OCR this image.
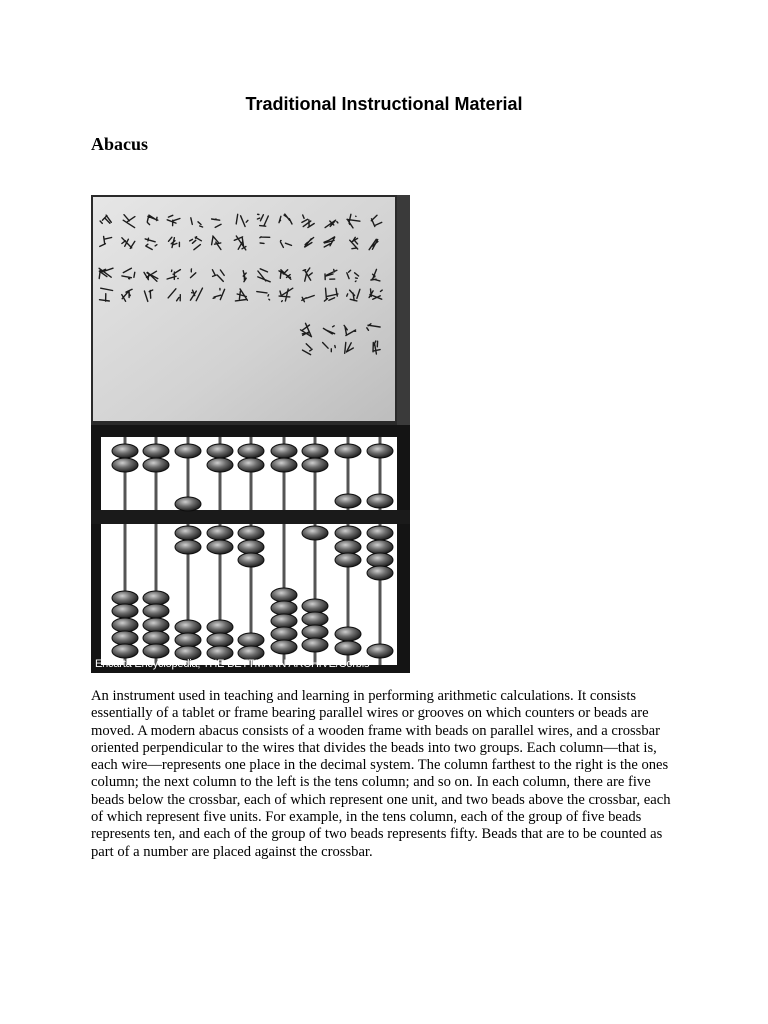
Traditional Instructional Material
Abacus
Encarta Encyclopedia, THE BETTMANN ARCHIVE/Corbis
An instrument used in teaching and learning in performing arithmetic calculations. It consists essentially of a tablet or frame bearing parallel wires or grooves on which counters or beads are moved. A modern abacus consists of a wooden frame with beads on parallel wires, and a crossbar oriented perpendicular to the wires that divides the beads into two groups. Each column—that is, each wire—represents one place in the decimal system. The column farthest to the right is the ones column; the next column to the left is the tens column; and so on. In each column, there are five beads below the crossbar, each of which represent one unit, and two beads above the crossbar, each of which represent five units. For example, in the tens column, each of the group of five beads represents ten, and each of the group of two beads represents fifty. Beads that are to be counted as part of a number are placed against the crossbar.
